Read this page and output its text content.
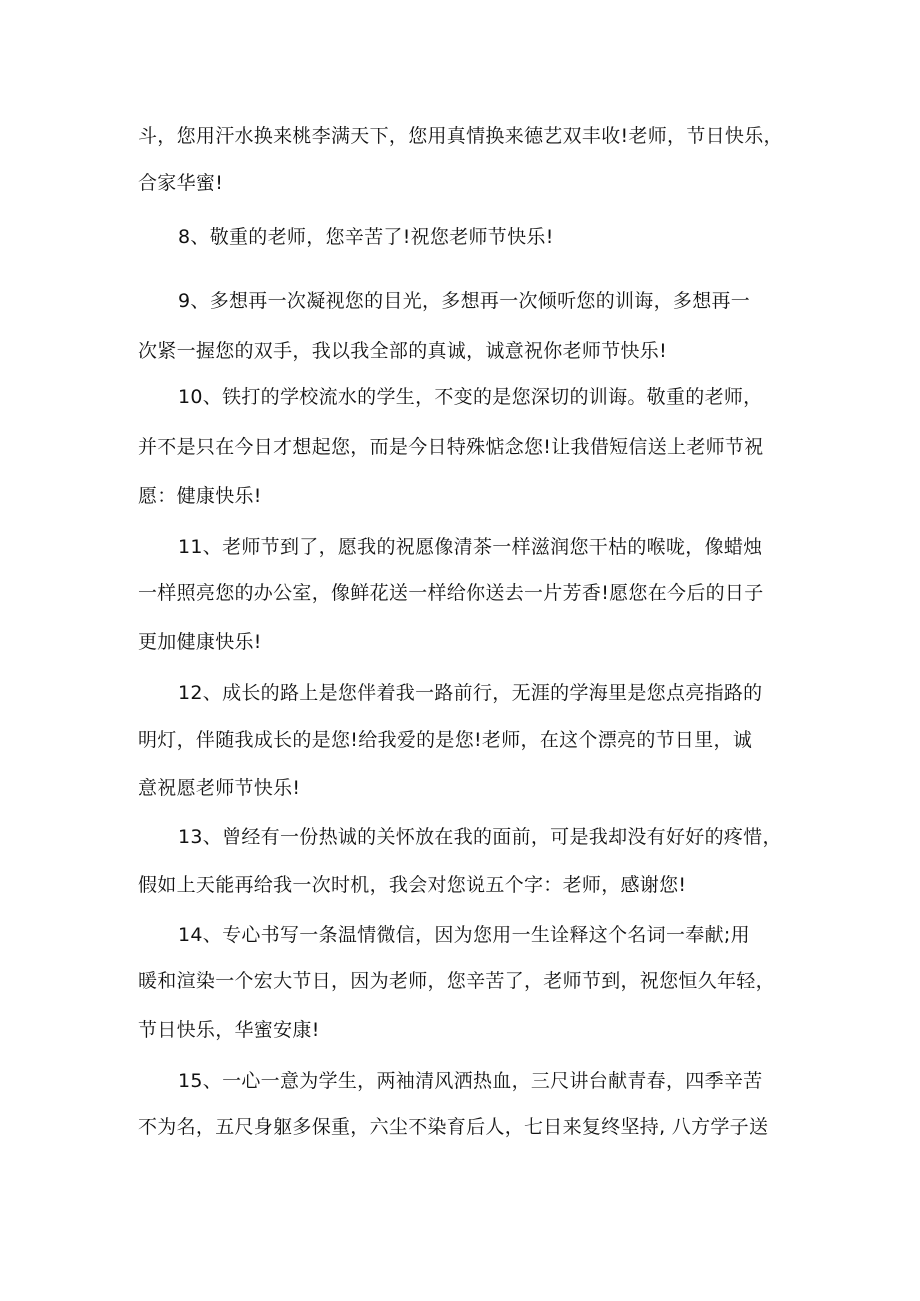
斗，您用汗水换来桃李满天下，您用真情换来德艺双丰收!老师，节日快乐，
合家华蜜!
8、敬重的老师，您辛苦了!祝您老师节快乐!
9、多想再一次凝视您的目光，多想再一次倾听您的训诲，多想再一
次紧一握您的双手，我以我全部的真诚，诚意祝你老师节快乐!
10、铁打的学校流水的学生，不变的是您深切的训诲。敬重的老师，
并不是只在今日才想起您，而是今日特殊惦念您!让我借短信送上老师节祝
愿：健康快乐!
11、老师节到了，愿我的祝愿像清茶一样滋润您干枯的喉咙，像蜡烛
一样照亮您的办公室，像鲜花送一样给你送去一片芳香!愿您在今后的日子
更加健康快乐!
12、成长的路上是您伴着我一路前行，无涯的学海里是您点亮指路的
明灯，伴随我成长的是您!给我爱的是您!老师，在这个漂亮的节日里，诚
意祝愿老师节快乐!
13、曾经有一份热诚的关怀放在我的面前，可是我却没有好好的疼惜，
假如上天能再给我一次时机，我会对您说五个字：老师，感谢您!
14、专心书写一条温情微信，因为您用一生诠释这个名词一奉献;用
暖和渲染一个宏大节日，因为老师，您辛苦了，老师节到，祝您恒久年轻，
节日快乐，华蜜安康!
15、一心一意为学生，两袖清风洒热血，三尺讲台献青春，四季辛苦
不为名，五尺身躯多保重，六尘不染育后人，七日来复终坚持, 八方学子送
